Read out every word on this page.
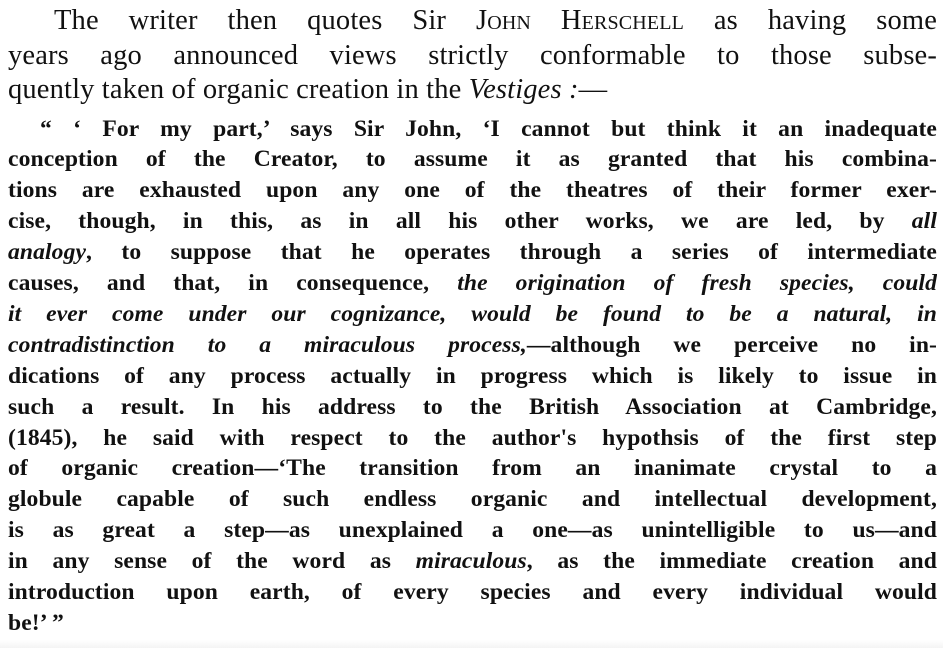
The writer then quotes Sir John Herschell as having some
years ago announced views strictly conformable to those subse-
quently taken of organic creation in the Vestiges :—
“ ‘ For my part,’ says Sir John, ‘I cannot but think it an inadequate
conception of the Creator, to assume it as granted that his combina-
tions are exhausted upon any one of the theatres of their former exer-
cise, though, in this, as in all his other works, we are led, by all
analogy, to suppose that he operates through a series of intermediate
causes, and that, in consequence, the origination of fresh species, could
it ever come under our cognizance, would be found to be a natural, in
contradistinction to a miraculous process,—although we perceive no in-
dications of any process actually in progress which is likely to issue in
such a result. In his address to the British Association at Cambridge,
(1845), he said with respect to the author's hypothsis of the first step
of organic creation—‘The transition from an inanimate crystal to a
globule capable of such endless organic and intellectual development,
is as great a step—as unexplained a one—as unintelligible to us—and
in any sense of the word as miraculous, as the immediate creation and
introduction upon earth, of every species and every individual would
be!’ ”
